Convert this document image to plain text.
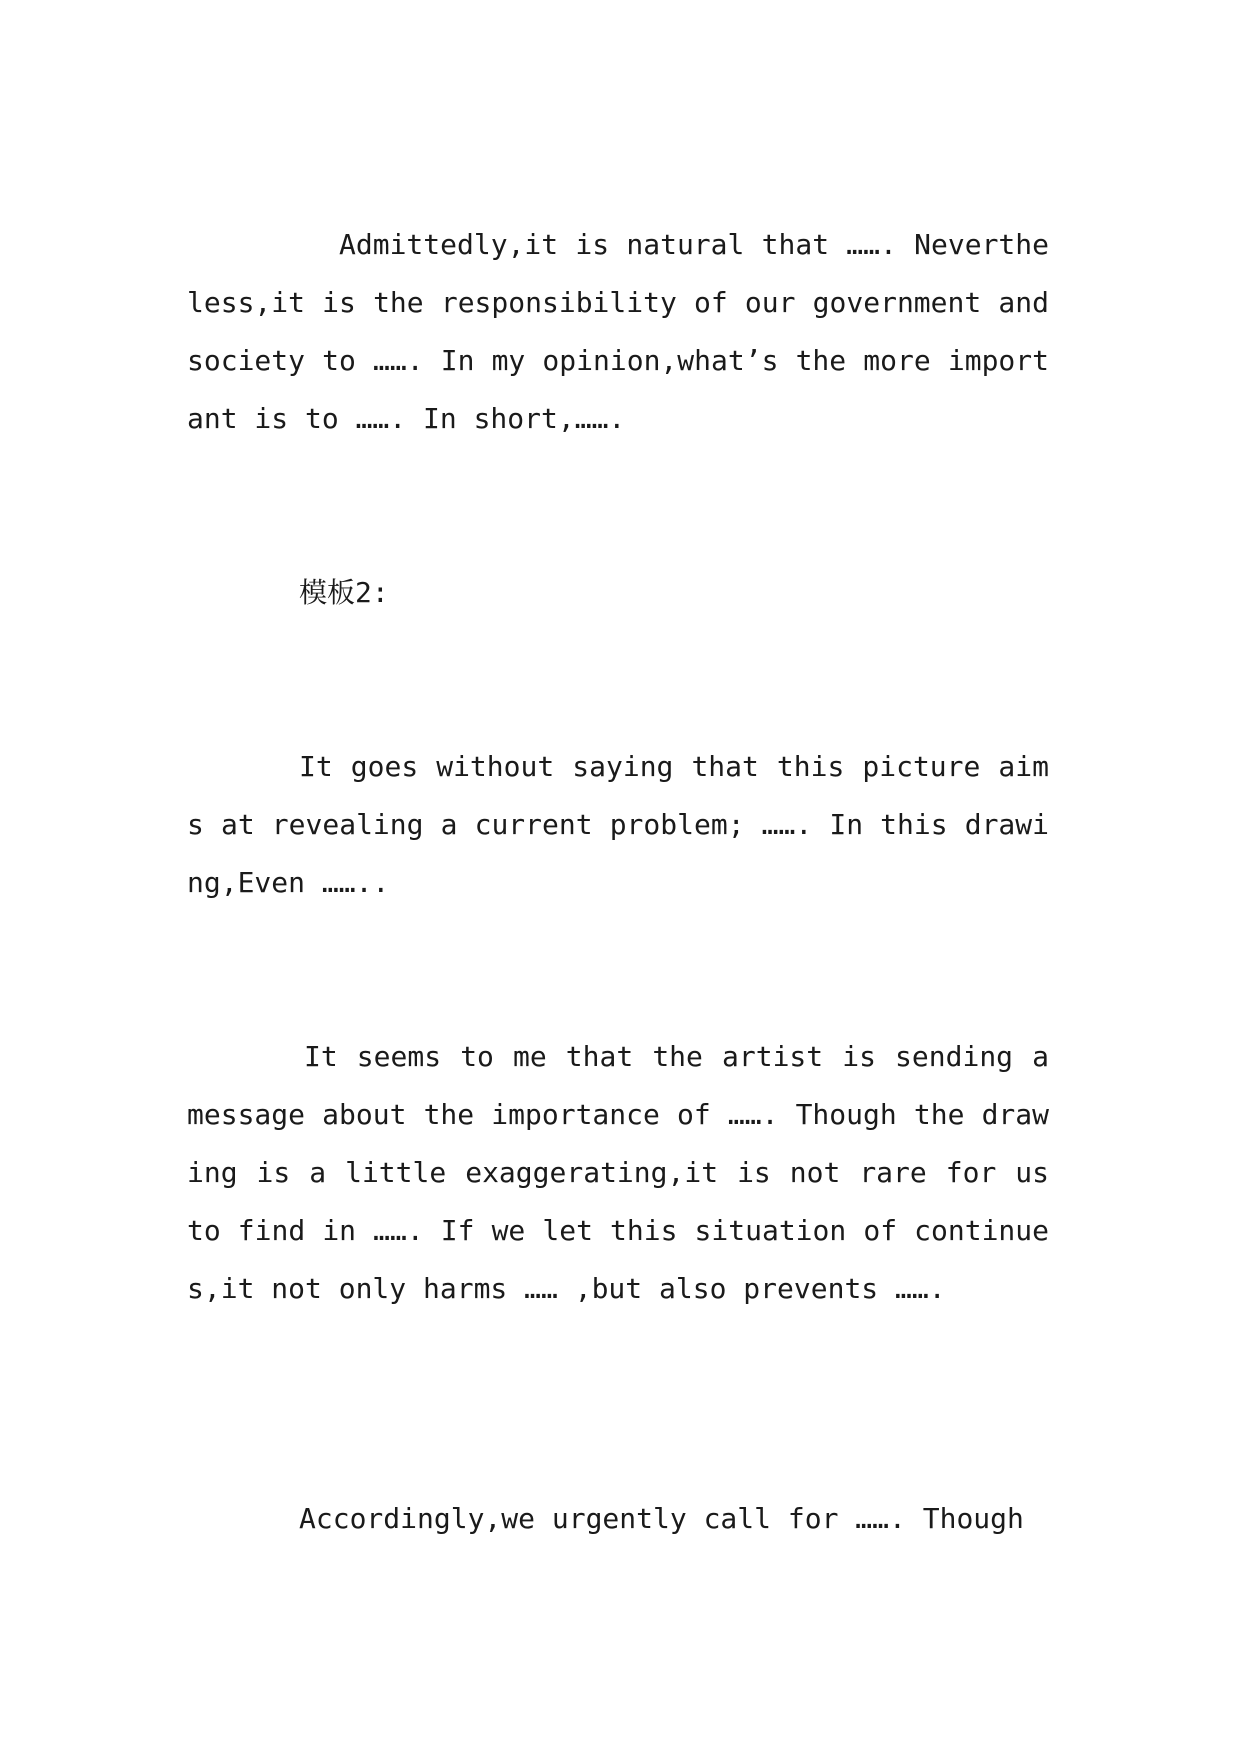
Admittedly,it is natural that ……. Nevertheless,it is the responsibility of our government and society to ……. In my opinion,what’s the more important is to ……. In short,…….

模板2:

It goes without saying that this picture aims at revealing a current problem; ……. In this drawing,Even ……..

It seems to me that the artist is sending a message about the importance of ……. Though the drawing is a little exaggerating,it is not rare for us to find in ……. If we let this situation of continues,it not only harms …… ,but also prevents …….

Accordingly,we urgently call for ……. Though
